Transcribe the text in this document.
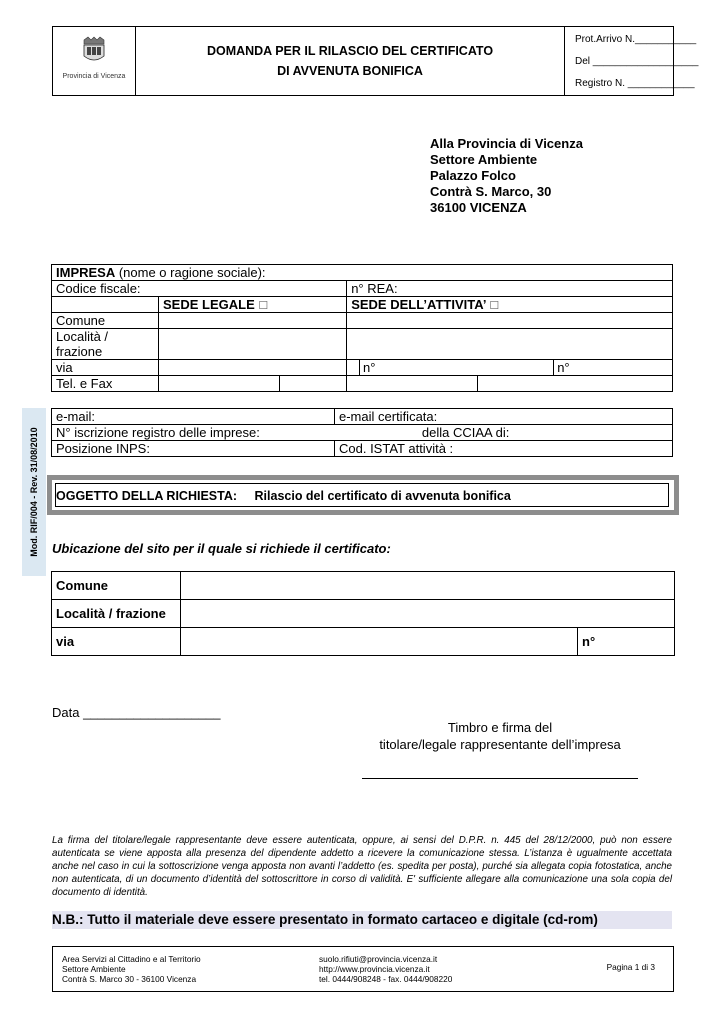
Provincia di Vicenza
DOMANDA PER IL RILASCIO DEL CERTIFICATO
DI AVVENUTA BONIFICA
Prot.Arrivo N.___________
Del ___________________
Registro N. ____________
Alla Provincia di Vicenza
Settore Ambiente
Palazzo Folco
Contrà S. Marco, 30
36100 VICENZA
Mod. RIF/004 - Rev. 31/08/2010
IMPRESA (nome o ragione sociale):				
Codice fiscale:			n° REA:	
	SEDE LEGALE ☐		SEDE DELL’ATTIVITA’ ☐	
Comune				

Località /
frazione				

via	n°		n°	

Tel. e Fax				
e-mail:	e-mail certificata:
N° iscrizione registro delle imprese: della CCIAA di:	
Posizione INPS:	Cod. ISTAT attività :
OGGETTO DELLA RICHIESTA: Rilascio del certificato di avvenuta bonifica
Ubicazione del sito per il quale si richiede il certificato:
Comune		
Località / frazione		
via		n°
Data ___________________
Timbro e firma del
titolare/legale rappresentante dell’impresa
La firma del titolare/legale rappresentante deve essere autenticata, oppure, ai sensi del D.P.R. n. 445 del 28/12/2000, può non essere autenticata se viene apposta alla presenza del dipendente addetto a ricevere la comunicazione stessa. L’istanza è ugualmente accettata anche nel caso in cui la sottoscrizione venga apposta non avanti l’addetto (es. spedita per posta), purché sia allegata copia fotostatica, anche non autenticata, di un documento d’identità del sottoscrittore in corso di validità. E' sufficiente allegare alla comunicazione una sola copia del documento di identità.
N.B.: Tutto il materiale deve essere presentato in formato cartaceo e digitale (cd-rom)
Area Servizi al Cittadino e al Territorio
Settore Ambiente
Contrà S. Marco 30 - 36100 Vicenza
suolo.rifiuti@provincia.vicenza.it
http://www.provincia.vicenza.it
tel. 0444/908248 - fax. 0444/908220
Pagina 1 di 3
